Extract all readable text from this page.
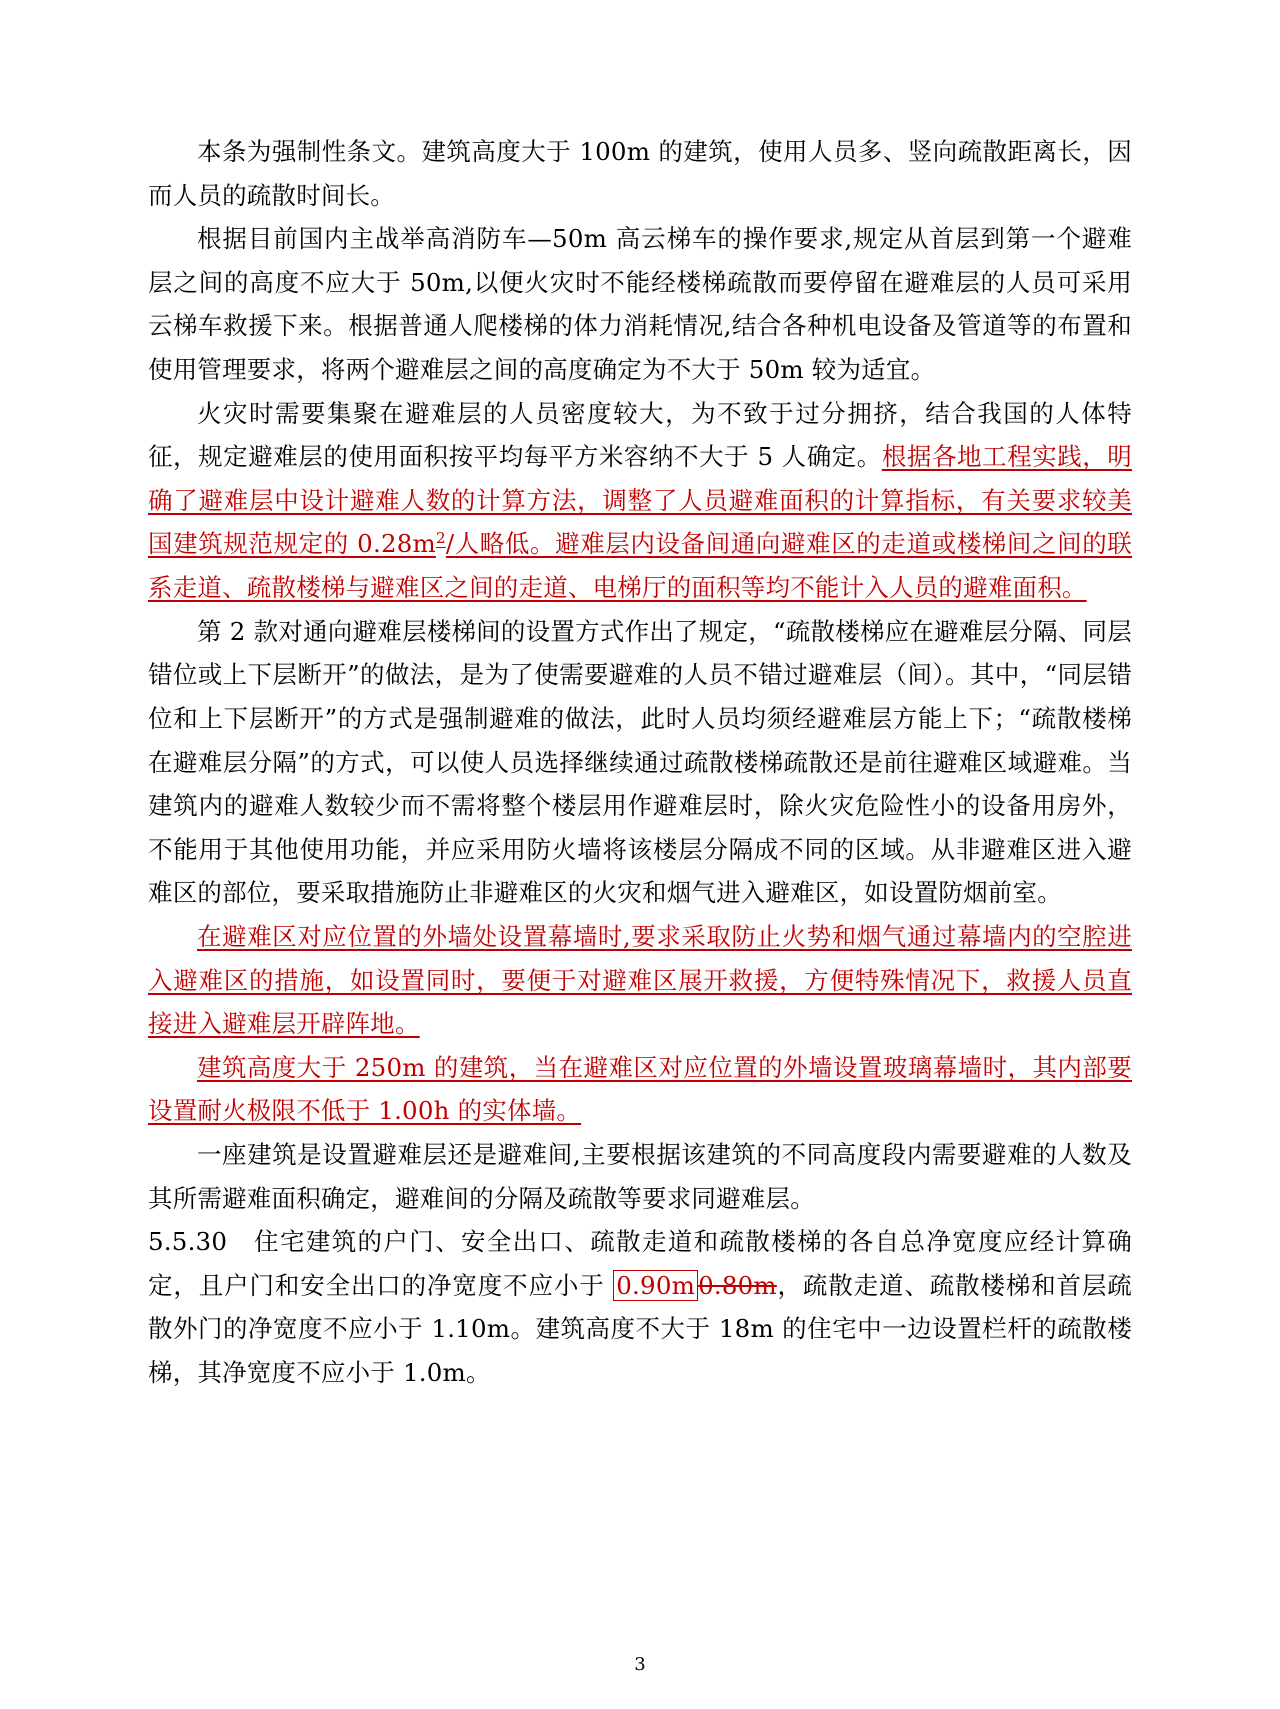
本条为强制性条文。建筑高度大于 100m 的建筑，使用人员多、竖向疏散距离长，因而人员的疏散时间长。

根据目前国内主战举高消防车—50m 高云梯车的操作要求,规定从首层到第一个避难层之间的高度不应大于 50m,以便火灾时不能经楼梯疏散而要停留在避难层的人员可采用云梯车救援下来。根据普通人爬楼梯的体力消耗情况,结合各种机电设备及管道等的布置和使用管理要求，将两个避难层之间的高度确定为不大于 50m 较为适宜。

火灾时需要集聚在避难层的人员密度较大，为不致于过分拥挤，结合我国的人体特征，规定避难层的使用面积按平均每平方米容纳不大于 5 人确定。根据各地工程实践，明确了避难层中设计避难人数的计算方法，调整了人员避难面积的计算指标，有关要求较美国建筑规范规定的 $0.28m^2/$人略低。避难层内设备间通向避难区的走道或楼梯间之间的联系走道、疏散楼梯与避难区之间的走道、电梯厅的面积等均不能计入人员的避难面积。

第 2 款对通向避难层楼梯间的设置方式作出了规定，“疏散楼梯应在避难层分隔、同层错位或上下层断开”的做法，是为了使需要避难的人员不错过避难层（间）。其中，“同层错位和上下层断开”的方式是强制避难的做法，此时人员均须经避难层方能上下；“疏散楼梯在避难层分隔”的方式，可以使人员选择继续通过疏散楼梯疏散还是前往避难区域避难。当建筑内的避难人数较少而不需将整个楼层用作避难层时，除火灾危险性小的设备用房外，不能用于其他使用功能，并应采用防火墙将该楼层分隔成不同的区域。从非避难区进入避难区的部位，要采取措施防止非避难区的火灾和烟气进入避难区，如设置防烟前室。

在避难区对应位置的外墙处设置幕墙时,要求采取防止火势和烟气通过幕墙内的空腔进入避难区的措施，如设置同时，要便于对避难区展开救援，方便特殊情况下，救援人员直接进入避难层开辟阵地。

建筑高度大于 250m 的建筑，当在避难区对应位置的外墙设置玻璃幕墙时，其内部要设置耐火极限不低于 1.00h 的实体墙。

一座建筑是设置避难层还是避难间,主要根据该建筑的不同高度段内需要避难的人数及其所需避难面积确定，避难间的分隔及疏散等要求同避难层。

5.5.30　住宅建筑的户门、安全出口、疏散走道和疏散楼梯的各自总净宽度应经计算确定，且户门和安全出口的净宽度不应小于 0.90m 0.80m，疏散走道、疏散楼梯和首层疏散外门的净宽度不应小于 1.10m。建筑高度不大于 18m 的住宅中一边设置栏杆的疏散楼梯，其净宽度不应小于 1.0m。

3
